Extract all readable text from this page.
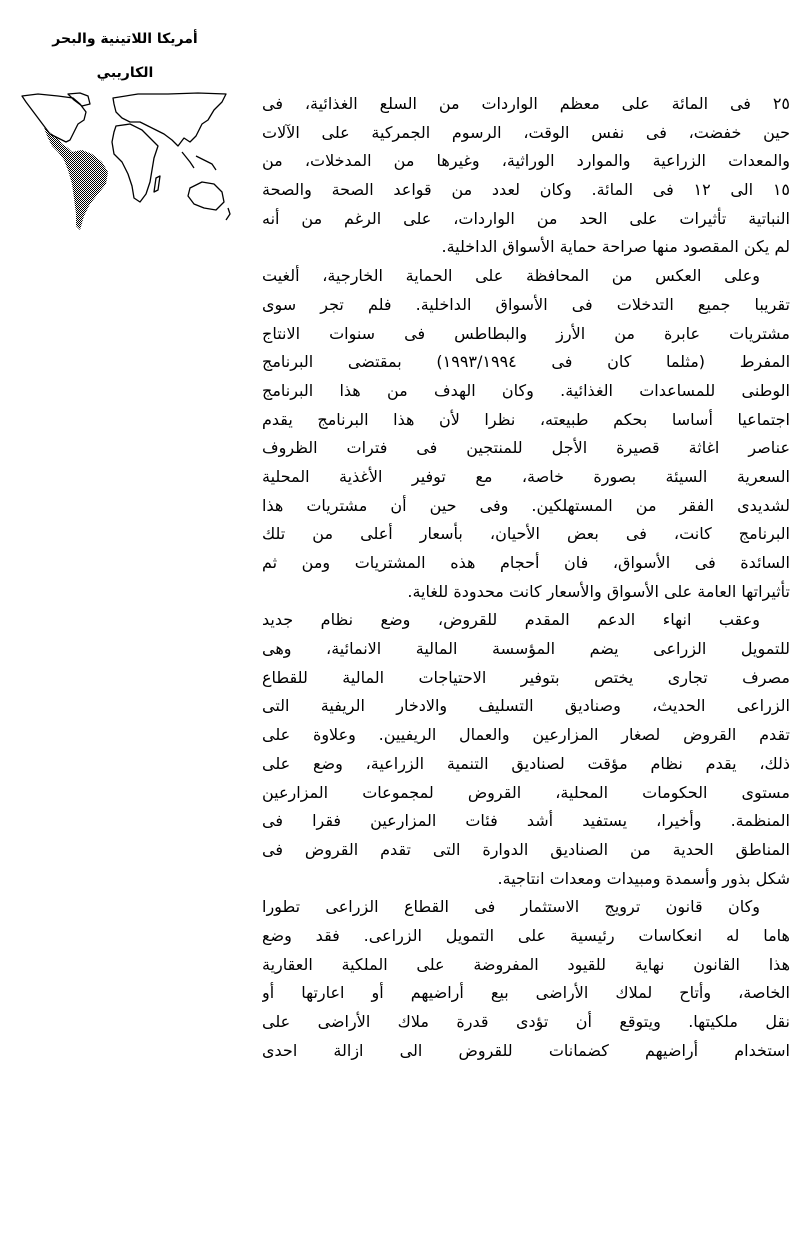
أمريكا اللاتينية والبحر
الكاريبي
٢٥ فى المائة على معظم الواردات من السلع الغذائية، فى
حين خفضت، فى نفس الوقت، الرسوم الجمركية على الآلات
والمعدات الزراعية والموارد الوراثية، وغيرها من المدخلات، من
١٥ الى ١٢ فى المائة. وكان لعدد من قواعد الصحة والصحة
النباتية تأثيرات على الحد من الواردات، على الرغم من أنه
لم يكن المقصود منها صراحة حماية الأسواق الداخلية.
وعلى العكس من المحافظة على الحماية الخارجية، ألغيت
تقريبا جميع التدخلات فى الأسواق الداخلية. فلم تجر سوى
مشتريات عابرة من الأرز والبطاطس فى سنوات الانتاج
المفرط (مثلما كان فى ١٩٩٣/١٩٩٤) بمقتضى البرنامج
الوطنى للمساعدات الغذائية. وكان الهدف من هذا البرنامج
اجتماعيا أساسا بحكم طبيعته، نظرا لأن هذا البرنامج يقدم
عناصر اغاثة قصيرة الأجل للمنتجين فى فترات الظروف
السعرية السيئة بصورة خاصة، مع توفير الأغذية المحلية
لشديدى الفقر من المستهلكين. وفى حين أن مشتريات هذا
البرنامج كانت، فى بعض الأحيان، بأسعار أعلى من تلك
السائدة فى الأسواق، فان أحجام هذه المشتريات ومن ثم
تأثيراتها العامة على الأسواق والأسعار كانت محدودة للغاية.
وعقب انهاء الدعم المقدم للقروض، وضع نظام جديد
للتمويل الزراعى يضم المؤسسة المالية الانمائية، وهى
مصرف تجارى يختص بتوفير الاحتياجات المالية للقطاع
الزراعى الحديث، وصناديق التسليف والادخار الريفية التى
تقدم القروض لصغار المزارعين والعمال الريفيين. وعلاوة على
ذلك، يقدم نظام مؤقت لصناديق التنمية الزراعية، وضع على
مستوى الحكومات المحلية، القروض لمجموعات المزارعين
المنظمة. وأخيرا، يستفيد أشد فئات المزارعين فقرا فى
المناطق الحدية من الصناديق الدوارة التى تقدم القروض فى
شكل بذور وأسمدة ومبيدات ومعدات انتاجية.
وكان قانون ترويج الاستثمار فى القطاع الزراعى تطورا
هاما له انعكاسات رئيسية على التمويل الزراعى. فقد وضع
هذا القانون نهاية للقيود المفروضة على الملكية العقارية
الخاصة، وأتاح لملاك الأراضى بيع أراضيهم أو اعارتها أو
نقل ملكيتها. ويتوقع أن تؤدى قدرة ملاك الأراضى على
استخدام أراضيهم كضمانات للقروض الى ازالة احدى
